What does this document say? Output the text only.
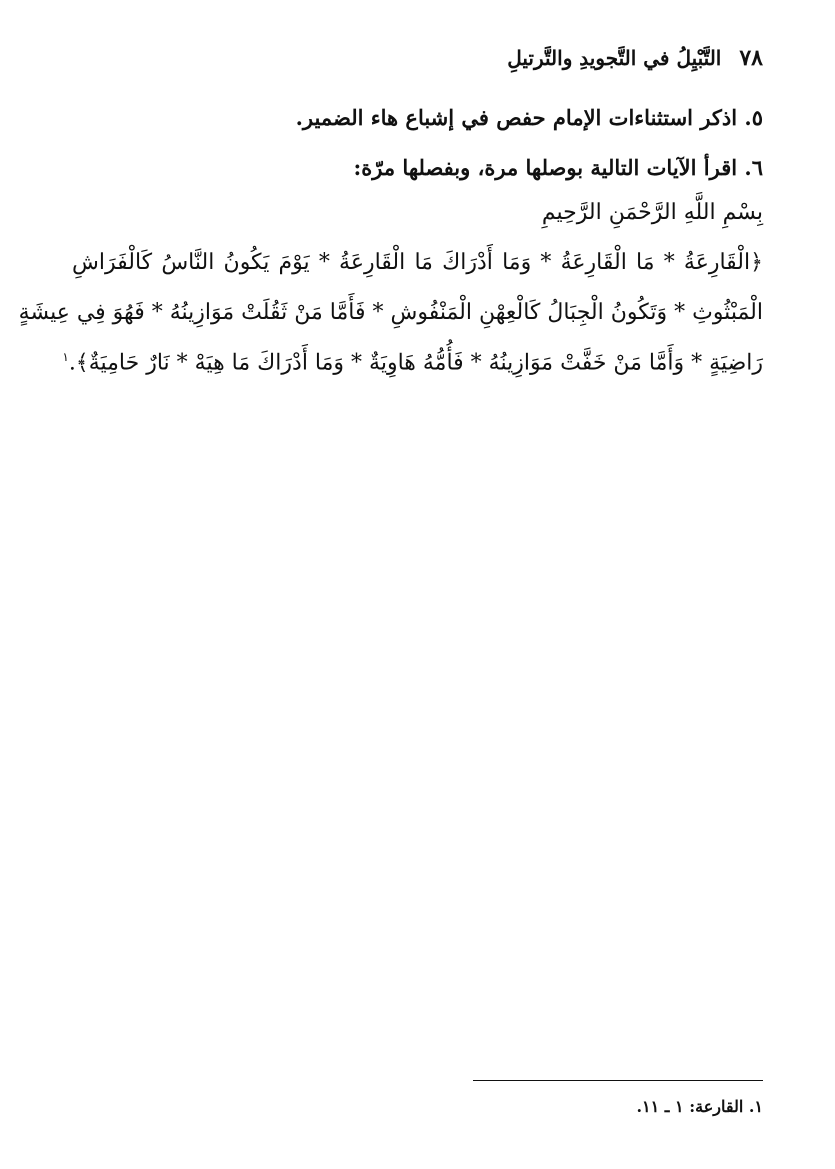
٧٨
التَّبْيِلُ في التَّجويدِ والتَّرتيلِ
٥. اذكر استثناءات الإمام حفص في إشباع هاء الضمير.
٦. اقرأ الآيات التالية بوصلها مرة، وبفصلها مرّة:
بِسْمِ اللَّهِ الرَّحْمَنِ الرَّحِيمِ
﴿الْقَارِعَةُ * مَا الْقَارِعَةُ * وَمَا أَدْرَاكَ مَا الْقَارِعَةُ * يَوْمَ يَكُونُ النَّاسُ كَالْفَرَاشِ
الْمَبْثُوثِ * وَتَكُونُ الْجِبَالُ كَالْعِهْنِ الْمَنْفُوشِ * فَأَمَّا مَنْ ثَقُلَتْ مَوَازِينُهُ * فَهُوَ فِي عِيشَةٍ
رَاضِيَةٍ * وَأَمَّا مَنْ خَفَّتْ مَوَازِينُهُ * فَأُمُّهُ هَاوِيَةٌ * وَمَا أَدْرَاكَ مَا هِيَهْ * نَارٌ حَامِيَةٌ﴾.$^١$
١. القارعة: ١ ـ ١١.
